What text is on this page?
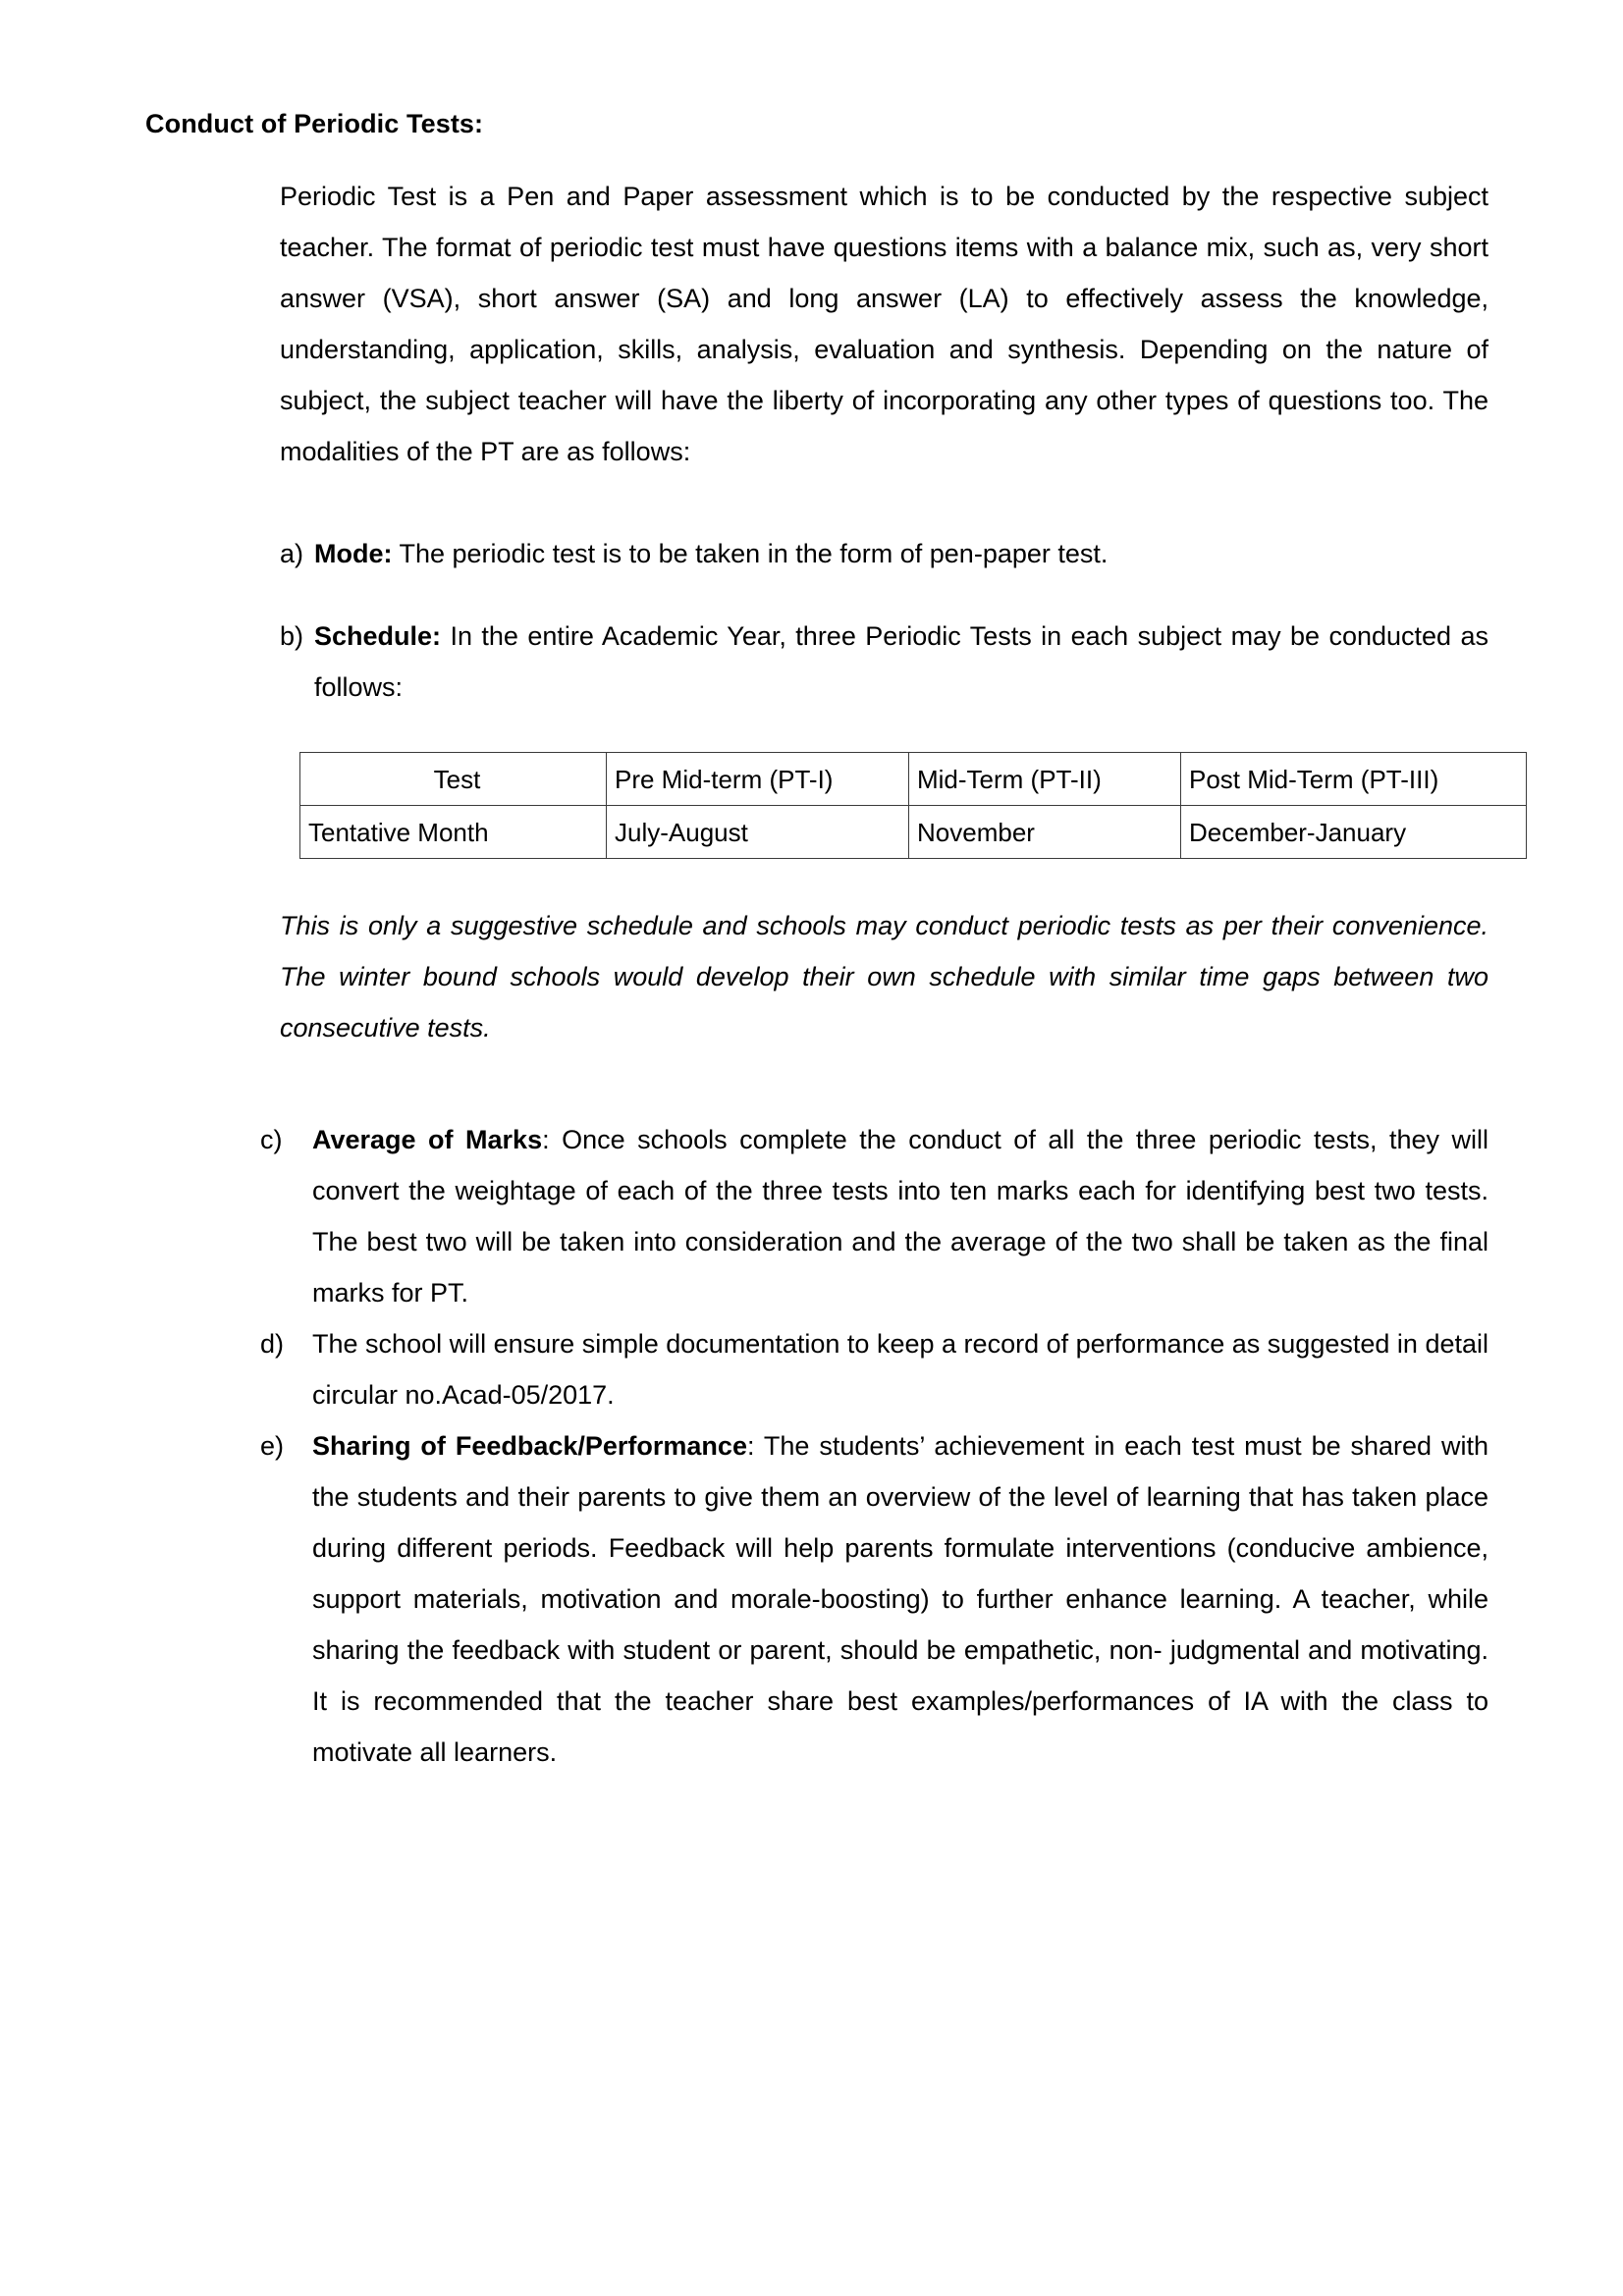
Conduct of Periodic Tests:

Periodic Test is a Pen and Paper assessment which is to be conducted by the respective subject teacher. The format of periodic test must have questions items with a balance mix, such as, very short answer (VSA), short answer (SA) and long answer (LA) to effectively assess the knowledge, understanding, application, skills, analysis, evaluation and synthesis. Depending on the nature of subject, the subject teacher will have the liberty of incorporating any other types of questions too. The modalities of the PT are as follows:

a) Mode: The periodic test is to be taken in the form of pen-paper test.
b) Schedule: In the entire Academic Year, three Periodic Tests in each subject may be conducted as follows:
Test	Pre Mid-term (PT-I)	Mid-Term (PT-II)	Post Mid-Term (PT-III)
Tentative Month	July-August	November	December-January

This is only a suggestive schedule and schools may conduct periodic tests as per their convenience. The winter bound schools would develop their own schedule with similar time gaps between two consecutive tests.

c)	Average of Marks: Once schools complete the conduct of all the three periodic tests, they will convert the weightage of each of the three tests into ten marks each for identifying best two tests. The best two will be taken into consideration and the average of the two shall be taken as the final marks for PT.
d)	The school will ensure simple documentation to keep a record of performance as suggested in detail circular no.Acad-05/2017.
e)	Sharing of Feedback/Performance: The students’ achievement in each test must be shared with the students and their parents to give them an overview of the level of learning that has taken place during different periods. Feedback will help parents formulate interventions (conducive ambience, support materials, motivation and morale-boosting) to further enhance learning. A teacher, while sharing the feedback with student or parent, should be empathetic, non- judgmental and motivating. It is recommended that the teacher share best examples/performances of IA with the class to motivate all learners.
